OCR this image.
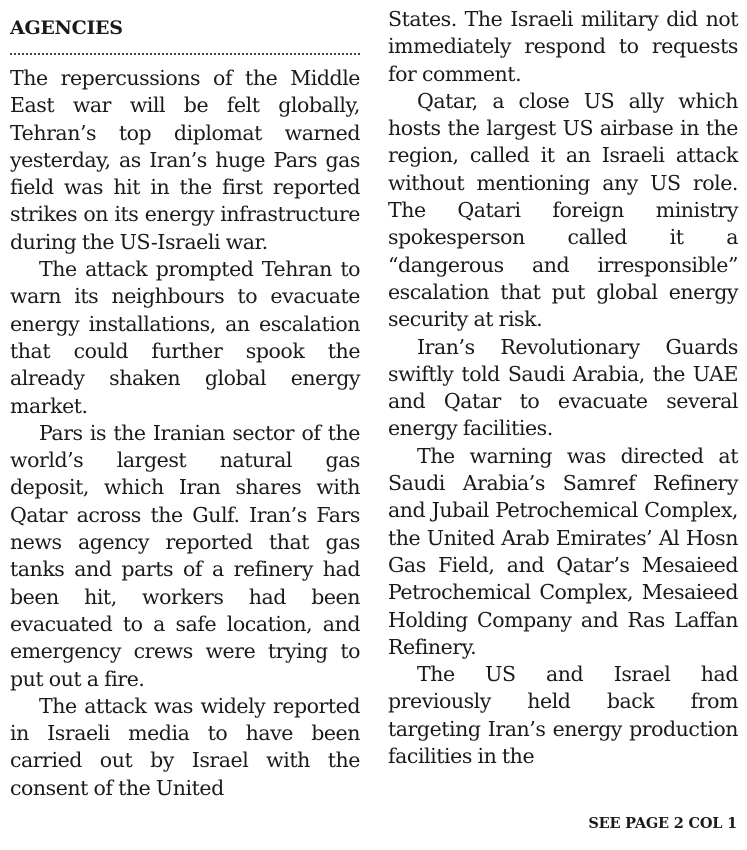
AGENCIES

The repercussions of the Middle East war will be felt globally, Tehran’s top diplomat warned yesterday, as Iran’s huge Pars gas field was hit in the first reported strikes on its energy infrastructure during the US-Israeli war.

The attack prompted Tehran to warn its neighbours to evacuate energy installations, an escalation that could further spook the already shaken global energy market.

Pars is the Iranian sector of the world’s largest natural gas deposit, which Iran shares with Qatar across the Gulf. Iran’s Fars news agency reported that gas tanks and parts of a refinery had been hit, workers had been evacuated to a safe location, and emergency crews were trying to put out a fire.

The attack was widely reported in Israeli media to have been carried out by Israel with the consent of the United

States. The Israeli military did not immediately respond to requests for comment.

Qatar, a close US ally which hosts the largest US airbase in the region, called it an Israeli attack without mentioning any US role. The Qatari foreign ministry spokesperson called it a “dangerous and irresponsible” escalation that put global energy security at risk.

Iran’s Revolutionary Guards swiftly told Saudi Arabia, the UAE and Qatar to evacuate several energy facilities.

The warning was directed at Saudi Arabia’s Samref Refinery and Jubail Petrochemical Complex, the United Arab Emirates’ Al Hosn Gas Field, and Qatar’s Mesaieed Petrochemical Complex, Mesaieed Holding Company and Ras Laffan Refinery.

The US and Israel had previously held back from targeting Iran’s energy production facilities in the

SEE PAGE 2 COL 1
